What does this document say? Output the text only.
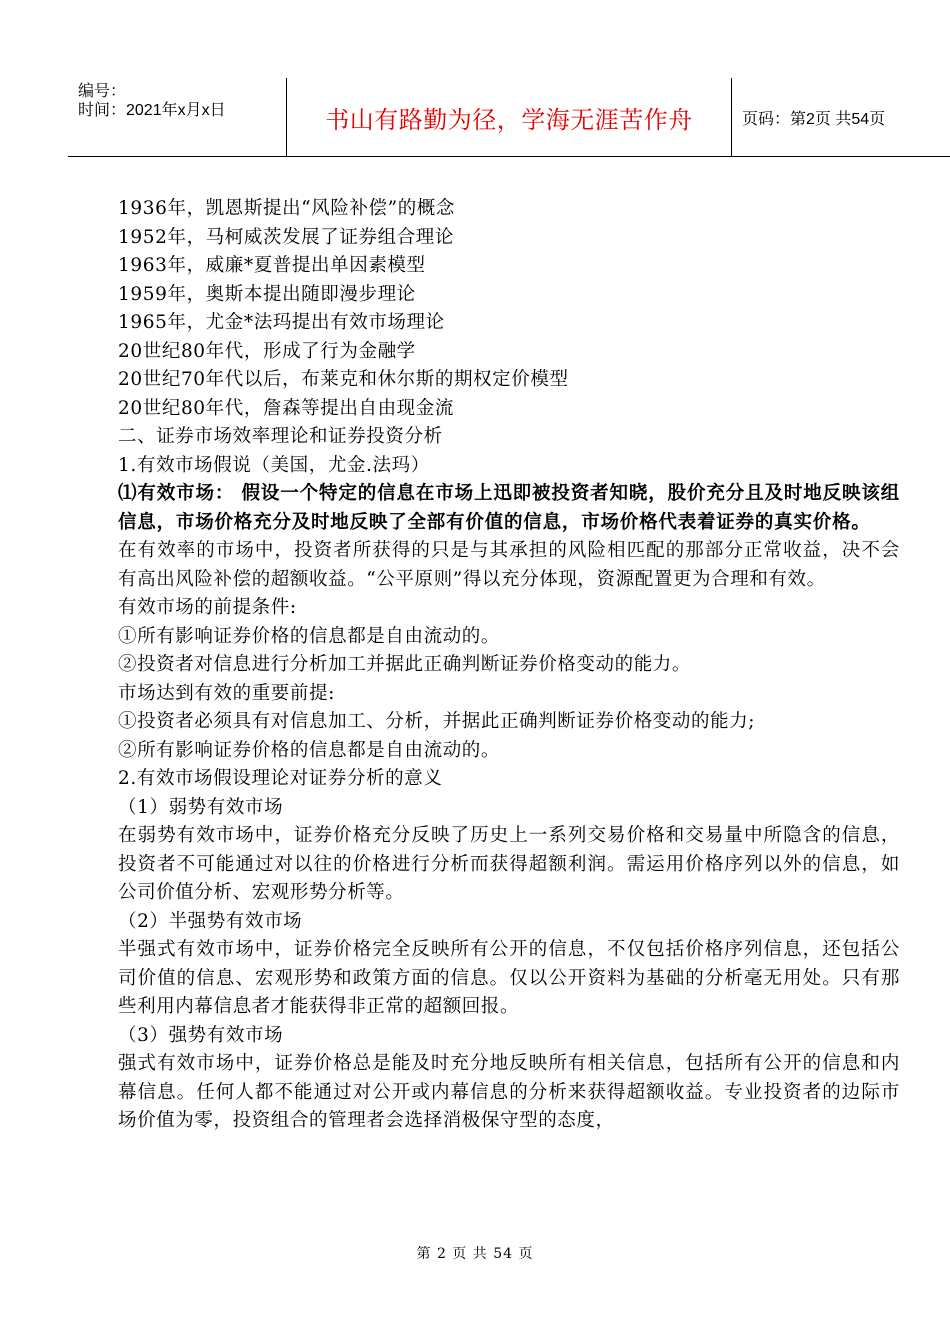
编号：
时间：2021年x月x日	书山有路勤为径，学海无涯苦作舟	页码：第2页 共54页

1936年，凯恩斯提出“风险补偿”的概念

1952年，马柯威茨发展了证券组合理论

1963年，威廉*夏普提出单因素模型

1959年，奥斯本提出随即漫步理论

1965年，尤金*法玛提出有效市场理论

20世纪80年代，形成了行为金融学

20世纪70年代以后，布莱克和休尔斯的期权定价模型

20世纪80年代，詹森等提出自由现金流

二、证券市场效率理论和证券投资分析

1.有效市场假说（美国，尤金.法玛）

⑴有效市场： 假设一个特定的信息在市场上迅即被投资者知晓，股价充分且及时地反映该组信息，市场价格充分及时地反映了全部有价值的信息，市场价格代表着证券的真实价格。

在有效率的市场中，投资者所获得的只是与其承担的风险相匹配的那部分正常收益，决不会有高出风险补偿的超额收益。“公平原则”得以充分体现，资源配置更为合理和有效。

有效市场的前提条件:

①所有影响证券价格的信息都是自由流动的。

②投资者对信息进行分析加工并据此正确判断证券价格变动的能力。

市场达到有效的重要前提:

①投资者必须具有对信息加工、分析，并据此正确判断证券价格变动的能力;

②所有影响证券价格的信息都是自由流动的。

2.有效市场假设理论对证券分析的意义

（1）弱势有效市场

在弱势有效市场中，证券价格充分反映了历史上一系列交易价格和交易量中所隐含的信息，投资者不可能通过对以往的价格进行分析而获得超额利润。需运用价格序列以外的信息，如公司价值分析、宏观形势分析等。

（2）半强势有效市场

半强式有效市场中，证券价格完全反映所有公开的信息，不仅包括价格序列信息，还包括公司价值的信息、宏观形势和政策方面的信息。仅以公开资料为基础的分析毫无用处。只有那些利用内幕信息者才能获得非正常的超额回报。

（3）强势有效市场

强式有效市场中，证券价格总是能及时充分地反映所有相关信息，包括所有公开的信息和内幕信息。任何人都不能通过对公开或内幕信息的分析来获得超额收益。专业投资者的边际市场价值为零，投资组合的管理者会选择消极保守型的态度，

第 2 页 共 54 页
